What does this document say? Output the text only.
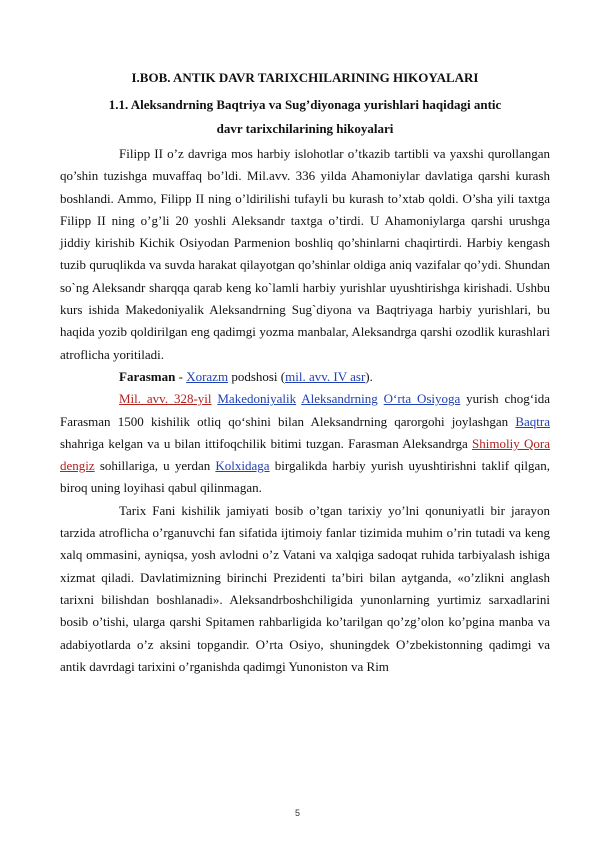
I.BOB. ANTIK DAVR TARIXCHILARINING HIKOYALARI
1.1. Aleksandrning Baqtriya va Sug’diyonaga yurishlari haqidagi antic
davr tarixchilarining hikoyalari

Filipp II o’z davriga mos harbiy islohotlar o’tkazib tartibli va yaxshi qurollangan qo’shin tuzishga muvaffaq bo’ldi. Mil.avv. 336 yilda Ahamoniylar davlatiga qarshi kurash boshlandi. Ammo, Filipp II ning o’ldirilishi tufayli bu kurash to’xtab qoldi. O’sha yili taxtga Filipp II ning o’g’li 20 yoshli Aleksandr taxtga o’tirdi. U Ahamoniylarga qarshi urushga jiddiy kirishib Kichik Osiyodan Parmenion boshliq qo’shinlarni chaqirtirdi. Harbiy kengash tuzib quruqlikda va suvda harakat qilayotgan qo’shinlar oldiga aniq vazifalar qo’ydi. Shundan so`ng Aleksandr sharqqa qarab keng ko`lamli harbiy yurishlar uyushtirishga kirishadi. Ushbu kurs ishida Makedoniyalik Aleksandrning Sug`diyona va Baqtriyaga harbiy yurishlari, bu haqida yozib qoldirilgan eng qadimgi yozma manbalar, Aleksandrga qarshi ozodlik kurashlari atroflicha yoritiladi.

Farasman - Xorazm podshosi (mil. avv. IV asr).

Mil. avv. 328-yil Makedoniyalik Aleksandrning O‘rta Osiyoga yurish chog‘ida Farasman 1500 kishilik otliq qo‘shini bilan Aleksandrning qarorgohi joylashgan Baqtra shahriga kelgan va u bilan ittifoqchilik bitimi tuzgan. Farasman Aleksandrga Shimoliy Qora dengiz sohillariga, u yerdan Kolxidaga birgalikda harbiy yurish uyushtirishni taklif qilgan, biroq uning loyihasi qabul qilinmagan.

Tarix Fani kishilik jamiyati bosib o’tgan tarixiy yo’lni qonuniyatli bir jarayon tarzida atroflicha o’rganuvchi fan sifatida ijtimoiy fanlar tizimida muhim o’rin tutadi va keng xalq ommasini, ayniqsa, yosh avlodni o’z Vatani va xalqiga sadoqat ruhida tarbiyalash ishiga xizmat qiladi. Davlatimizning birinchi Prezidenti ta’biri bilan aytganda, «o’zlikni anglash tarixni bilishdan boshlanadi». Aleksandrboshchiligida yunonlarning yurtimiz sarxadlarini bosib o’tishi, ularga qarshi Spitamen rahbarligida ko’tarilgan qo’zg’olon ko’pgina manba va adabiyotlarda o’z aksini topgandir. O’rta Osiyo, shuningdek O’zbekistonning qadimgi va antik davrdagi tarixini o’rganishda qadimgi Yunoniston va Rim

5
